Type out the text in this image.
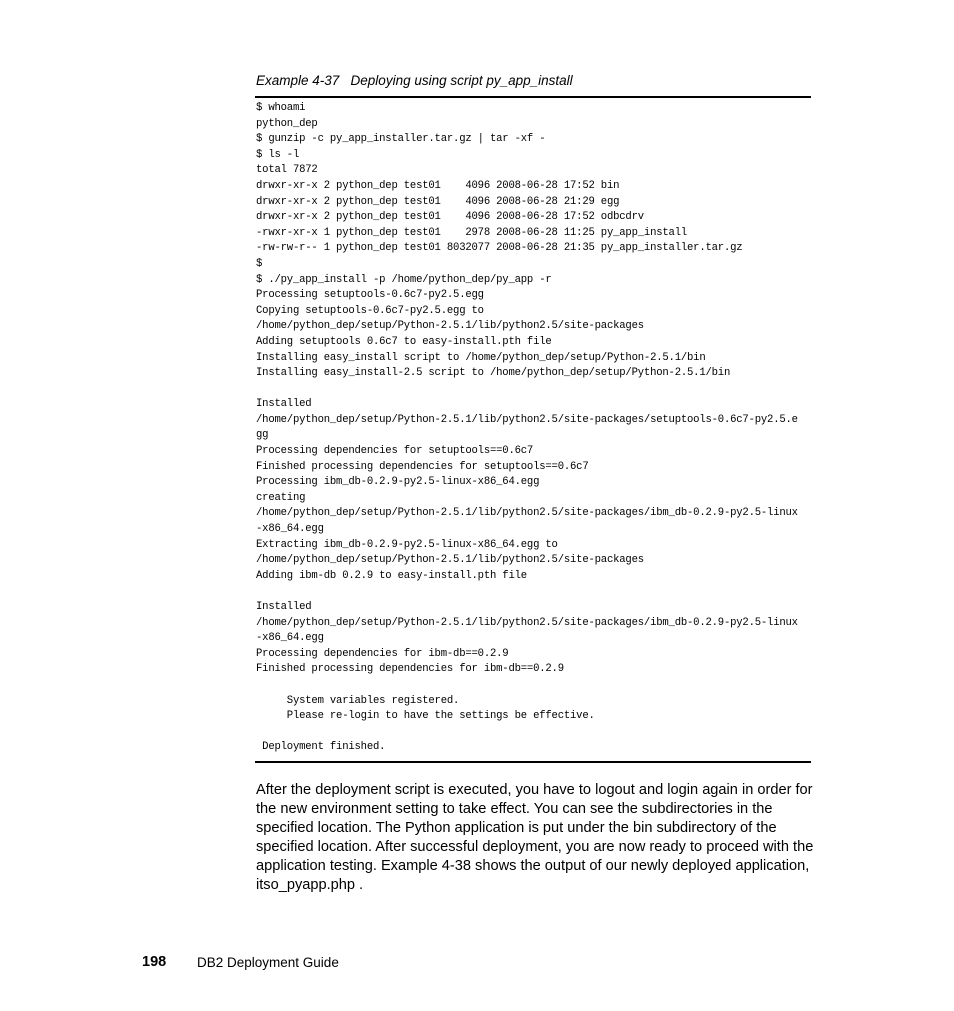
Example 4-37   Deploying using script py_app_install
$ whoami
python_dep
$ gunzip -c py_app_installer.tar.gz | tar -xf -
$ ls -l
total 7872
drwxr-xr-x 2 python_dep test01    4096 2008-06-28 17:52 bin
drwxr-xr-x 2 python_dep test01    4096 2008-06-28 21:29 egg
drwxr-xr-x 2 python_dep test01    4096 2008-06-28 17:52 odbcdrv
-rwxr-xr-x 1 python_dep test01    2978 2008-06-28 11:25 py_app_install
-rw-rw-r-- 1 python_dep test01 8032077 2008-06-28 21:35 py_app_installer.tar.gz
$
$ ./py_app_install -p /home/python_dep/py_app -r
Processing setuptools-0.6c7-py2.5.egg
Copying setuptools-0.6c7-py2.5.egg to
/home/python_dep/setup/Python-2.5.1/lib/python2.5/site-packages
Adding setuptools 0.6c7 to easy-install.pth file
Installing easy_install script to /home/python_dep/setup/Python-2.5.1/bin
Installing easy_install-2.5 script to /home/python_dep/setup/Python-2.5.1/bin
Installed
/home/python_dep/setup/Python-2.5.1/lib/python2.5/site-packages/setuptools-0.6c7-py2.5.e
gg
Processing dependencies for setuptools==0.6c7
Finished processing dependencies for setuptools==0.6c7
Processing ibm_db-0.2.9-py2.5-linux-x86_64.egg
creating
/home/python_dep/setup/Python-2.5.1/lib/python2.5/site-packages/ibm_db-0.2.9-py2.5-linux
-x86_64.egg
Extracting ibm_db-0.2.9-py2.5-linux-x86_64.egg to
/home/python_dep/setup/Python-2.5.1/lib/python2.5/site-packages
Adding ibm-db 0.2.9 to easy-install.pth file
Installed
/home/python_dep/setup/Python-2.5.1/lib/python2.5/site-packages/ibm_db-0.2.9-py2.5-linux
-x86_64.egg
Processing dependencies for ibm-db==0.2.9
Finished processing dependencies for ibm-db==0.2.9
System variables registered.
Please re-login to have the settings be effective.
Deployment finished.

After the deployment script is executed, you have to logout and login again in order for the new environment setting to take effect. You can see the subdirectories in the specified location. The Python application is put under the bin subdirectory of the specified location. After successful deployment, you are now ready to proceed with the application testing. Example 4-38 shows the output of our newly deployed application, itso_pyapp.php .

198 DB2 Deployment Guide
